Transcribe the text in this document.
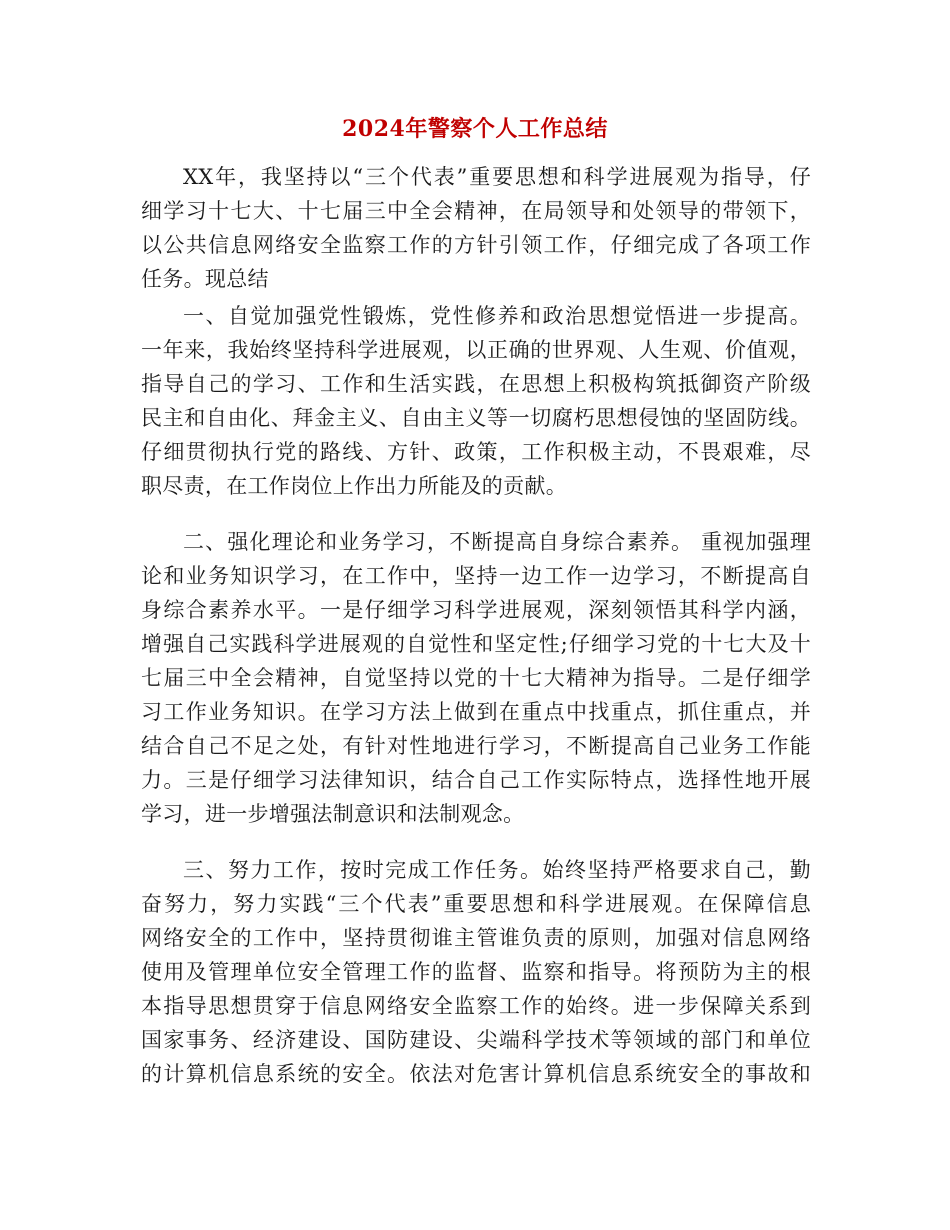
2024年警察个人工作总结
XX年，我坚持以“三个代表”重要思想和科学进展观为指导，仔
细学习十七大、十七届三中全会精神，在局领导和处领导的带领下，
以公共信息网络安全监察工作的方针引领工作，仔细完成了各项工作
任务。现总结
一、自觉加强党性锻炼，党性修养和政治思想觉悟进一步提高。
一年来，我始终坚持科学进展观，以正确的世界观、人生观、价值观，
指导自己的学习、工作和生活实践，在思想上积极构筑抵御资产阶级
民主和自由化、拜金主义、自由主义等一切腐朽思想侵蚀的坚固防线。
仔细贯彻执行党的路线、方针、政策，工作积极主动，不畏艰难，尽
职尽责，在工作岗位上作出力所能及的贡献。
二、强化理论和业务学习，不断提高自身综合素养。 重视加强理
论和业务知识学习，在工作中，坚持一边工作一边学习，不断提高自
身综合素养水平。一是仔细学习科学进展观，深刻领悟其科学内涵，
增强自己实践科学进展观的自觉性和坚定性;仔细学习党的十七大及十
七届三中全会精神，自觉坚持以党的十七大精神为指导。二是仔细学
习工作业务知识。在学习方法上做到在重点中找重点，抓住重点，并
结合自己不足之处，有针对性地进行学习，不断提高自己业务工作能
力。三是仔细学习法律知识，结合自己工作实际特点，选择性地开展
学习，进一步增强法制意识和法制观念。
三、努力工作，按时完成工作任务。始终坚持严格要求自己，勤
奋努力，努力实践“三个代表”重要思想和科学进展观。在保障信息
网络安全的工作中，坚持贯彻谁主管谁负责的原则，加强对信息网络
使用及管理单位安全管理工作的监督、监察和指导。将预防为主的根
本指导思想贯穿于信息网络安全监察工作的始终。进一步保障关系到
国家事务、经济建设、国防建设、尖端科学技术等领域的部门和单位
的计算机信息系统的安全。依法对危害计算机信息系统安全的事故和
